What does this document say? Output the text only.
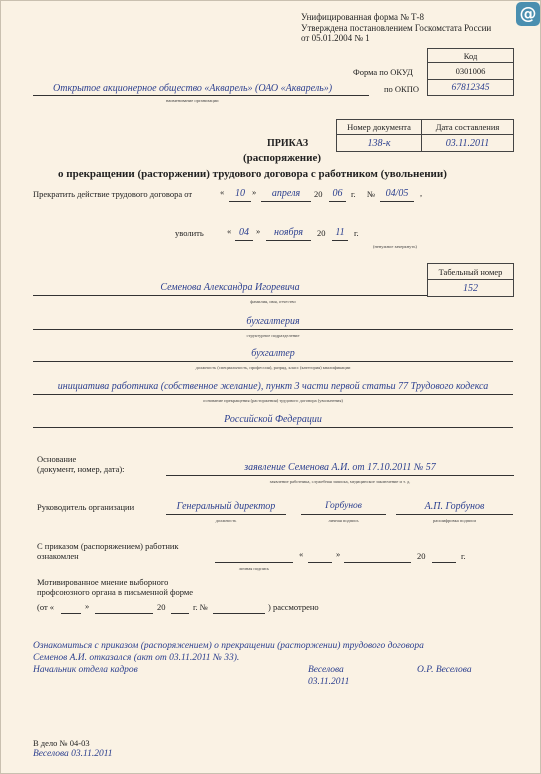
@
Унифицированная форма № Т-8
Утверждена постановлением Госкомстата России
от 05.01.2004 № 1
Код
Форма по ОКУД	0301006
по ОКПО	67812345
Открытое акционерное общество «Акварель» (ОАО «Акварель»)
наименование организации
Номер документа	Дата составления
138-к	03.11.2011
ПРИКАЗ
(распоряжение)
о прекращении (расторжении) трудового договора с работником (увольнении)
Прекратить действие трудового договора от	«	10 »	апреля	20	06	г. №	04/05	,
уволить	« 04 »	ноября	20 11	г.
(ненужное зачеркнуть)
Табельный номер
152
Семенова Александра Игоревича
фамилия, имя, отчество
бухгалтерия
структурное подразделение
бухгалтер
должность (специальность, профессия), разряд, класс (категория) квалификации
инициатива работника (собственное желание), пункт 3 части первой статьи 77 Трудового кодекса
основание прекращения (расторжения) трудового договора (увольнения)
Российской Федерации
Основание
(документ, номер, дата):	заявление Семенова А.И. от 17.10.2011 № 57
заявление работника, служебная записка, медицинское заключение и т. д.
Руководитель организации	Генеральный директор
должность
Горбунов
личная подпись
А.П. Горбунов
расшифровка подписи
С приказом (распоряжением) работник
ознакомлен
личная подпись
«	»	20	г.
Мотивированное мнение выборного
профсоюзного органа в письменной форме
(от «	»	20	г. №	) рассмотрено
Ознакомиться с приказом (распоряжением) о прекращении (расторжении) трудового договора
Семенов А.И. отказался (акт от 03.11.2011 № 33).
Начальник отдела кадров	Веселова
03.11.2011
О.Р. Веселова
В дело № 04-03
Веселова 03.11.2011
